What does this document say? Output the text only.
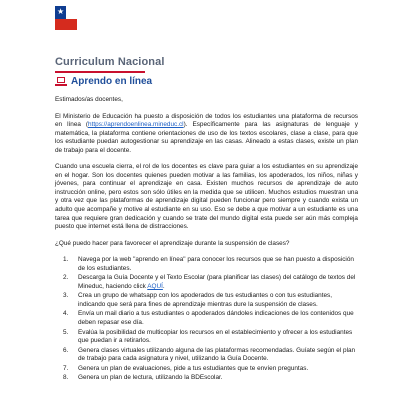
★
Curriculum Nacional
Aprendo en línea

Estimados/as docentes,

El Ministerio de Educación ha puesto a disposición de todos los estudiantes una plataforma de recursos en línea (https://aprendoenlinea.mineduc.cl). Específicamente para las asignaturas de lenguaje y matemática, la plataforma contiene orientaciones de uso de los textos escolares, clase a clase, para que los estudiante puedan autogestionar su aprendizaje en las casas. Alineado a estas clases, existe un plan de trabajo para el docente.

Cuando una escuela cierra, el rol de los docentes es clave para guiar a los estudiantes en su aprendizaje en el hogar. Son los docentes quienes pueden motivar a las familias, los apoderados, los niños, niñas y jóvenes, para continuar el aprendizaje en casa. Existen muchos recursos de aprendizaje de auto instrucción online, pero estos son sólo útiles en la medida que se utilicen. Muchos estudios muestran una y otra vez que las plataformas de aprendizaje digital pueden funcionar pero siempre y cuando exista un adulto que acompañe y motive al estudiante en su uso. Eso se debe a que motivar a un estudiante es una tarea que requiere gran dedicación y cuando se trate del mundo digital esta puede ser aún más compleja puesto que internet está llena de distracciones.

¿Qué puedo hacer para favorecer el aprendizaje durante la suspensión de clases?

1. Navega por la web "aprendo en línea" para conocer los recursos que se han puesto a disposición de los estudiantes.
2. Descarga la Guía Docente y el Texto Escolar (para planificar las clases) del catálogo de textos del Mineduc, haciendo click AQUÍ.
3. Crea un grupo de whatsapp con los apoderados de tus estudiantes o con tus estudiantes, indicando que será para fines de aprendizaje mientras dure la suspensión de clases.
4. Envía un mail diario a tus estudiantes o apoderados dándoles indicaciones de los contenidos que deben repasar ese día.
5. Evalúa la posibilidad de multicopiar los recursos en el establecimiento y ofrecer a los estudiantes que puedan ir a retirarlos.
6. Genera clases virtuales utilizando alguna de las plataformas recomendadas. Guíate según el plan de trabajo para cada asignatura y nivel, utilizando la Guía Docente.
7. Genera un plan de evaluaciones, pide a tus estudiantes que te envíen preguntas.
8. Genera un plan de lectura, utilizando la BDEscolar.
